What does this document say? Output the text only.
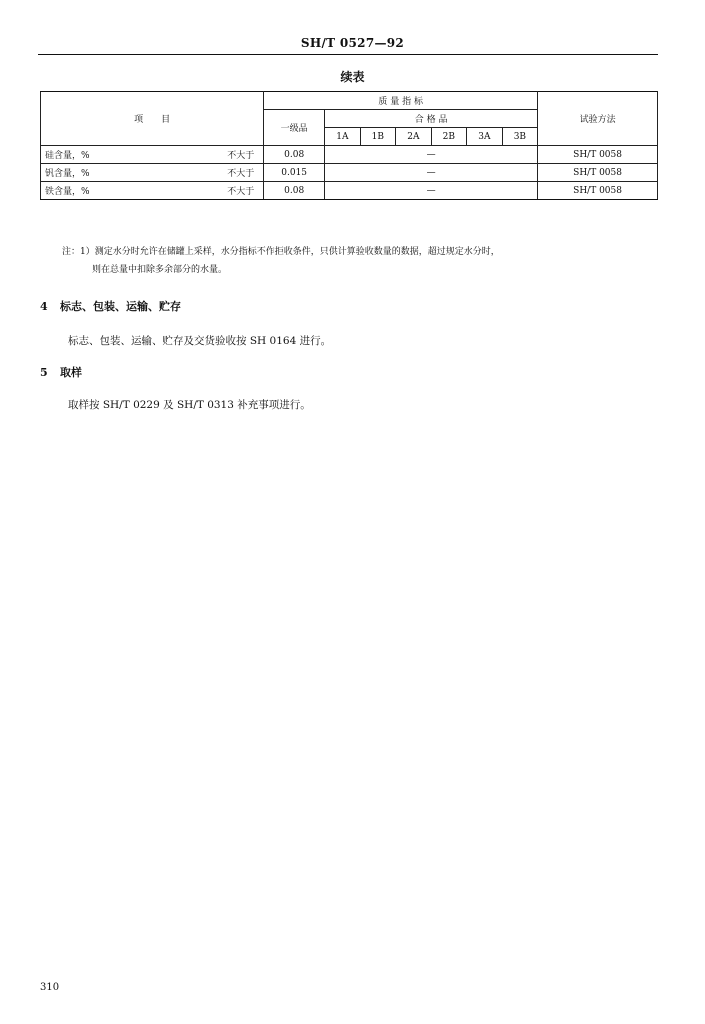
SH/T 0527—92
续表
项　　目	质 量 指 标							试验方法
	一级品	合 格 品						
		1A	1B	2A	2B	3A	3B	
硅含量，% 不大于	0.08	—						SH/T 0058
钒含量，% 不大于	0.015	—						SH/T 0058
铁含量，% 不大于	0.08	—						SH/T 0058
注：1）测定水分时允许在储罐上采样，水分指标不作拒收条件，只供计算验收数量的数据，超过规定水分时，
则在总量中扣除多余部分的水量。
4 标志、包装、运输、贮存
标志、包装、运输、贮存及交货验收按 SH 0164 进行。
5 取样
取样按 SH/T 0229 及 SH/T 0313 补充事项进行。
310
